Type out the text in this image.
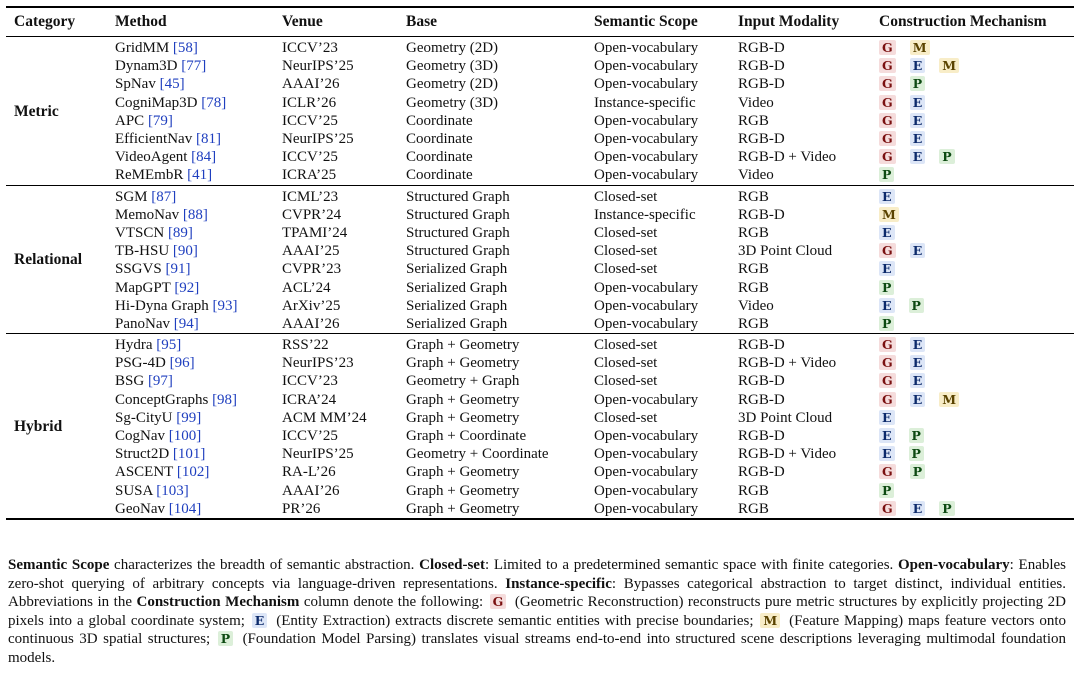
Category	Method	Venue	Base	Semantic Scope	Input Modality	Construction Mechanism
Metric	GridMM [58]	ICCV’23	Geometry (2D)	Open-vocabulary	RGB-D	G M
	Dynam3D [77]	NeurIPS’25	Geometry (3D)	Open-vocabulary	RGB-D	G E M
	SpNav [45]	AAAI’26	Geometry (2D)	Open-vocabulary	RGB-D	G P
	CogniMap3D [78]	ICLR’26	Geometry (3D)	Instance-specific	Video	G E
	APC [79]	ICCV’25	Coordinate	Open-vocabulary	RGB	G E
	EfficientNav [81]	NeurIPS’25	Coordinate	Open-vocabulary	RGB-D	G E
	VideoAgent [84]	ICCV’25	Coordinate	Open-vocabulary	RGB-D + Video	G E P
	ReMEmbR [41]	ICRA’25	Coordinate	Open-vocabulary	Video	P
Relational	SGM [87]	ICML’23	Structured Graph	Closed-set	RGB	E
	MemoNav [88]	CVPR’24	Structured Graph	Instance-specific	RGB-D	M
	VTSCN [89]	TPAMI’24	Structured Graph	Closed-set	RGB	E
	TB-HSU [90]	AAAI’25	Structured Graph	Closed-set	3D Point Cloud	G E
	SSGVS [91]	CVPR’23	Serialized Graph	Closed-set	RGB	E
	MapGPT [92]	ACL’24	Serialized Graph	Open-vocabulary	RGB	P
	Hi-Dyna Graph [93]	ArXiv’25	Serialized Graph	Open-vocabulary	Video	E P
	PanoNav [94]	AAAI’26	Serialized Graph	Open-vocabulary	RGB	P
Hybrid	Hydra [95]	RSS’22	Graph + Geometry	Closed-set	RGB-D	G E
	PSG-4D [96]	NeurIPS’23	Graph + Geometry	Closed-set	RGB-D + Video	G E
	BSG [97]	ICCV’23	Geometry + Graph	Closed-set	RGB-D	G E
	ConceptGraphs [98]	ICRA’24	Graph + Geometry	Open-vocabulary	RGB-D	G E M
	Sg-CityU [99]	ACM MM’24	Graph + Geometry	Closed-set	3D Point Cloud	E
	CogNav [100]	ICCV’25	Graph + Coordinate	Open-vocabulary	RGB-D	E P
	Struct2D [101]	NeurIPS’25	Geometry + Coordinate	Open-vocabulary	RGB-D + Video	E P
	ASCENT [102]	RA-L’26	Graph + Geometry	Open-vocabulary	RGB-D	G P
	SUSA [103]	AAAI’26	Graph + Geometry	Open-vocabulary	RGB	P
	GeoNav [104]	PR’26	Graph + Geometry	Open-vocabulary	RGB	G E P
Semantic Scope characterizes the breadth of semantic abstraction. Closed-set: Limited to a predetermined semantic space with finite categories. Open-vocabulary: Enables zero-shot querying of arbitrary concepts via language-driven representations. Instance-specific: Bypasses categorical abstraction to target distinct, individual entities. Abbreviations in the Construction Mechanism column denote the following: G (Geometric Reconstruction) reconstructs pure metric structures by explicitly projecting 2D pixels into a global coordinate system; E (Entity Extraction) extracts discrete semantic entities with precise boundaries; M (Feature Mapping) maps feature vectors onto continuous 3D spatial structures; P (Foundation Model Parsing) translates visual streams end-to-end into structured scene descriptions leveraging multimodal foundation models.
